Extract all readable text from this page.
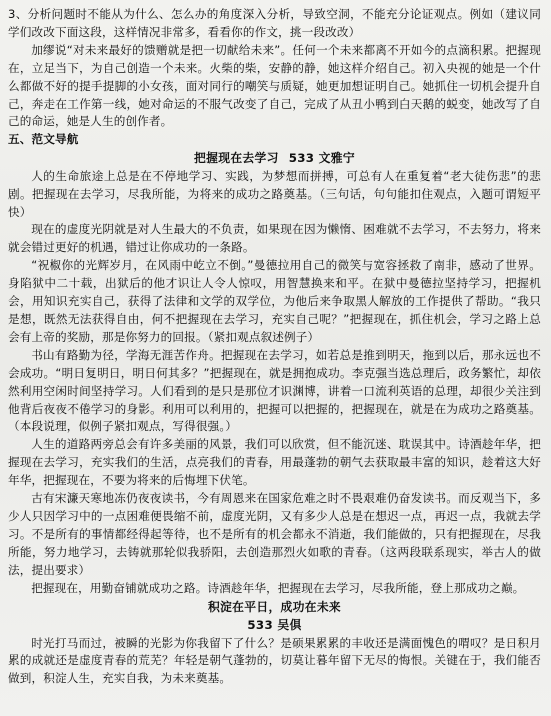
3、分析问题时不能从为什么、怎么办的角度深入分析，导致空洞，不能充分论证观点。例如（建议同学们改改下面这段，这样情况非常多，看看你的作文，挑一段改改）

加缪说“对未来最好的馈赠就是把一切献给未来”。任何一个未来都离不开如今的点滴积累。把握现在，立足当下，为自己创造一个未来。火柴的柴，安静的静，她这样介绍自己。初入央视的她是一个什么都做不好的提手提脚的小女孩，面对同行的嘲笑与质疑，她更加想证明自己。她抓住一切机会提升自己，奔走在工作第一线，她对命运的不服气改变了自己，完成了从丑小鸭到白天鹅的蜕变，她改写了自己的命运，她是人生的创作者。

五、范文导航

把握现在去学习 533 文雅宁

人的生命旅途上总是在不停地学习、实践，为梦想而拼搏，可总有人在重复着“老大徒伤悲”的悲剧。把握现在去学习，尽我所能，为将来的成功之路奠基。（三句话，句句能扣住观点，入题可谓短平快）

现在的虚度光阴就是对人生最大的不负责，如果现在因为懒惰、困难就不去学习，不去努力，将来就会错过更好的机遇，错过让你成功的一条路。

“祝椒你的光辉岁月，在风雨中屹立不倒。”曼德拉用自己的微笑与宽容拯救了南非，感动了世界。身陷狱中二十载，出狱后的他才识让人令人惊叹，用智慧换来和平。在狱中曼德拉坚持学习，把握机会，用知识充实自己，获得了法律和文学的双学位，为他后来争取黑人解放的工作提供了帮助。“我只是想，既然无法获得自由，何不把握现在去学习，充实自己呢？”把握现在，抓住机会，学习之路上总会有上帝的奖励，那是你努力的回报。（紧扣观点叙述例子）

书山有路勤为径，学海无涯苦作舟。把握现在去学习，如若总是推到明天，拖到以后，那永远也不会成功。“明日复明日，明日何其多？”把握现在，就是拥抱成功。李克强当选总理后，政务繁忙，却依然利用空闲时间坚持学习。人们看到的是只是那位才识渊博，讲着一口流利英语的总理，却很少关注到他背后夜夜不倦学习的身影。利用可以利用的，把握可以把握的，把握现在，就是在为成功之路奠基。（本段说理，似例子紧扣观点，写得很强。）

人生的道路两旁总会有许多美丽的风景，我们可以欣赏，但不能沉迷、耽误其中。诗酒趁年华，把握现在去学习，充实我们的生活，点亮我们的青春，用最蓬勃的朝气去获取最丰富的知识，趁着这大好年华，把握现在，不要为将来的后悔埋下伏笔。

古有宋濂天寒地冻仍夜夜读书，今有周恩来在国家危难之时不畏艰难仍奋发读书。而反观当下，多少人只因学习中的一点困难便畏缩不前，虚度光阴，又有多少人总是在想迟一点，再迟一点，我就去学习。不是所有的事情都经得起等待，也不是所有的机会都永不消逝，我们能做的，只有把握现在，尽我所能，努力地学习，去铸就那轮似我骄阳，去创造那烈火如歌的青春。（这两段联系现实，举古人的做法，提出要求）

把握现在，用勤奋铺就成功之路。诗酒趁年华，把握现在去学习，尽我所能，登上那成功之巅。

积淀在平日，成功在未来

533 吴倶

时光打马而过，被瞬的光影为你我留下了什么？是硕果累累的丰收还是满面愧色的喟叹？是日积月累的成就还是虚度青春的荒芜？年轻是朝气蓬勃的，切莫让暮年留下无尽的悔恨。关键在于，我们能否做到，积淀人生，充实自我，为未来奠基。
